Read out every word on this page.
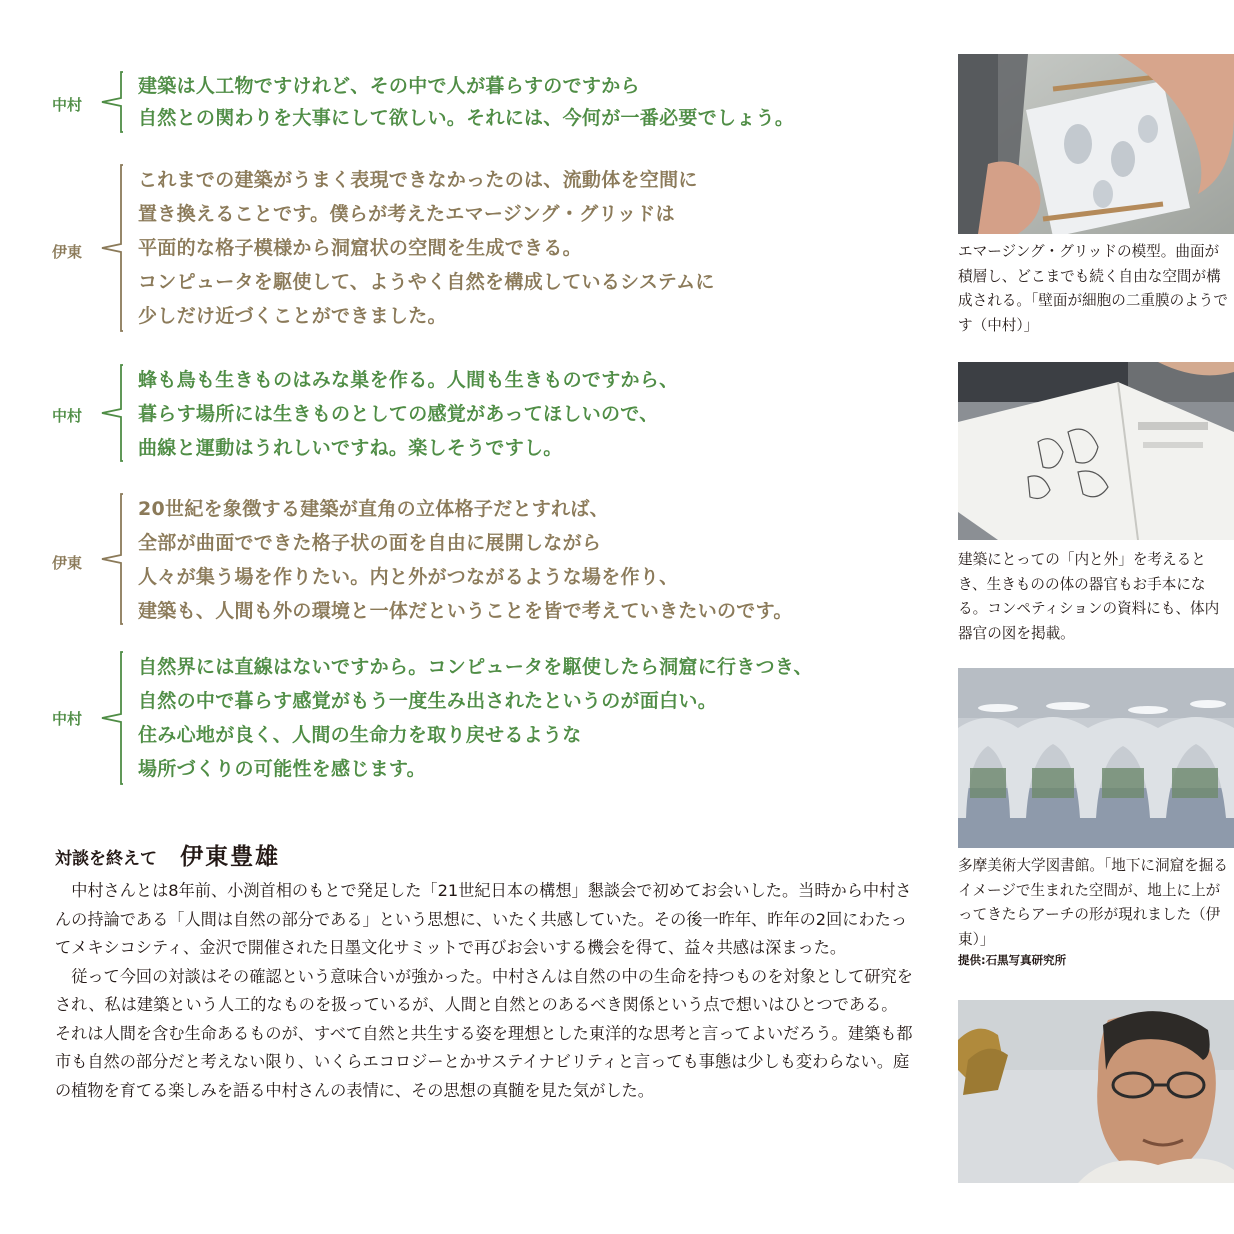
中村
建築は人工物ですけれど、その中で人が暮らすのですから
自然との関わりを大事にして欲しい。それには、今何が一番必要でしょう。
伊東
これまでの建築がうまく表現できなかったのは、流動体を空間に
置き換えることです。僕らが考えたエマージング・グリッドは
平面的な格子模様から洞窟状の空間を生成できる。
コンピュータを駆使して、ようやく自然を構成しているシステムに
少しだけ近づくことができました。
中村
蜂も鳥も生きものはみな巣を作る。人間も生きものですから、
暮らす場所には生きものとしての感覚があってほしいので、
曲線と運動はうれしいですね。楽しそうですし。
伊東
20世紀を象徴する建築が直角の立体格子だとすれば、
全部が曲面でできた格子状の面を自由に展開しながら
人々が集う場を作りたい。内と外がつながるような場を作り、
建築も、人間も外の環境と一体だということを皆で考えていきたいのです。
中村
自然界には直線はないですから。コンピュータを駆使したら洞窟に行きつき、
自然の中で暮らす感覚がもう一度生み出されたというのが面白い。
住み心地が良く、人間の生命力を取り戻せるような
場所づくりの可能性を感じます。
対談を終えて 伊東豊雄

中村さんとは8年前、小渕首相のもとで発足した「21世紀日本の構想」懇談会で初めてお会いした。当時から中村さんの持論である「人間は自然の部分である」という思想に、いたく共感していた。その後一昨年、昨年の2回にわたってメキシコシティ、金沢で開催された日墨文化サミットで再びお会いする機会を得て、益々共感は深まった。

従って今回の対談はその確認という意味合いが強かった。中村さんは自然の中の生命を持つものを対象として研究をされ、私は建築という人工的なものを扱っているが、人間と自然とのあるべき関係という点で想いはひとつである。それは人間を含む生命あるものが、すべて自然と共生する姿を理想とした東洋的な思考と言ってよいだろう。建築も都市も自然の部分だと考えない限り、いくらエコロジーとかサステイナビリティと言っても事態は少しも変わらない。庭の植物を育てる楽しみを語る中村さんの表情に、その思想の真髄を見た気がした。

エマージング・グリッドの模型。曲面が積層し、どこまでも続く自由な空間が構成される。「壁面が細胞の二重膜のようです（中村）」
建築にとっての「内と外」を考えるとき、生きものの体の器官もお手本になる。コンペティションの資料にも、体内器官の図を掲載。
多摩美術大学図書館。「地下に洞窟を掘るイメージで生まれた空間が、地上に上がってきたらアーチの形が現れました（伊東）」
提供:石黒写真研究所
